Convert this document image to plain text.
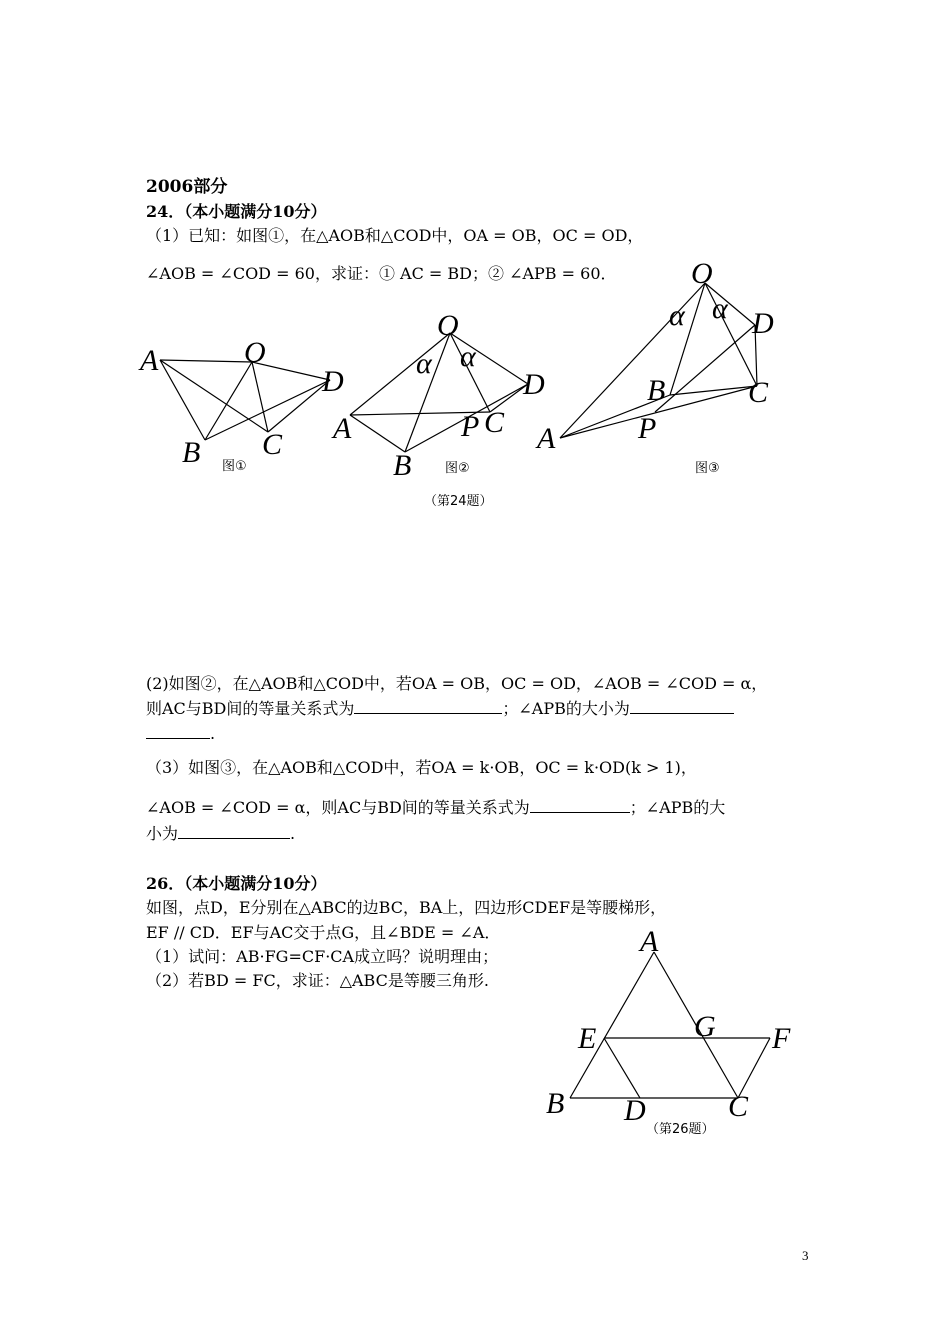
2006部分
24．（本小题满分10分）
（1）已知：如图①，在△AOB和△COD中，OA = OB，OC = OD，
∠AOB = ∠COD = 60，求证：① AC = BD；② ∠APB = 60．
A	O
D
B C
图①
O
α α
D
A	P C
B	图②
O
α α D
B	C
P
A
图③
（第24题）
(2)如图②，在△AOB和△COD中，若OA = OB，OC = OD，∠AOB = ∠COD = α，
则AC与BD间的等量关系式为	；∠APB的大小为
.
（3）如图③，在△AOB和△COD中，若OA = k·OB，OC = k·OD(k > 1)，
∠AOB = ∠COD = α，则AC与BD间的等量关系式为	；∠APB的大
小为	.
26．（本小题满分10分）
如图，点D，E分别在△ABC的边BC，BA上，四边形CDEF是等腰梯形，
EF // CD．EF与AC交于点G，且∠BDE = ∠A．
（1）试问：AB·FG=CF·CA成立吗？说明理由；
（2）若BD = FC，求证：△ABC是等腰三角形.
A
E	G F
B D	C
（第26题）
3
